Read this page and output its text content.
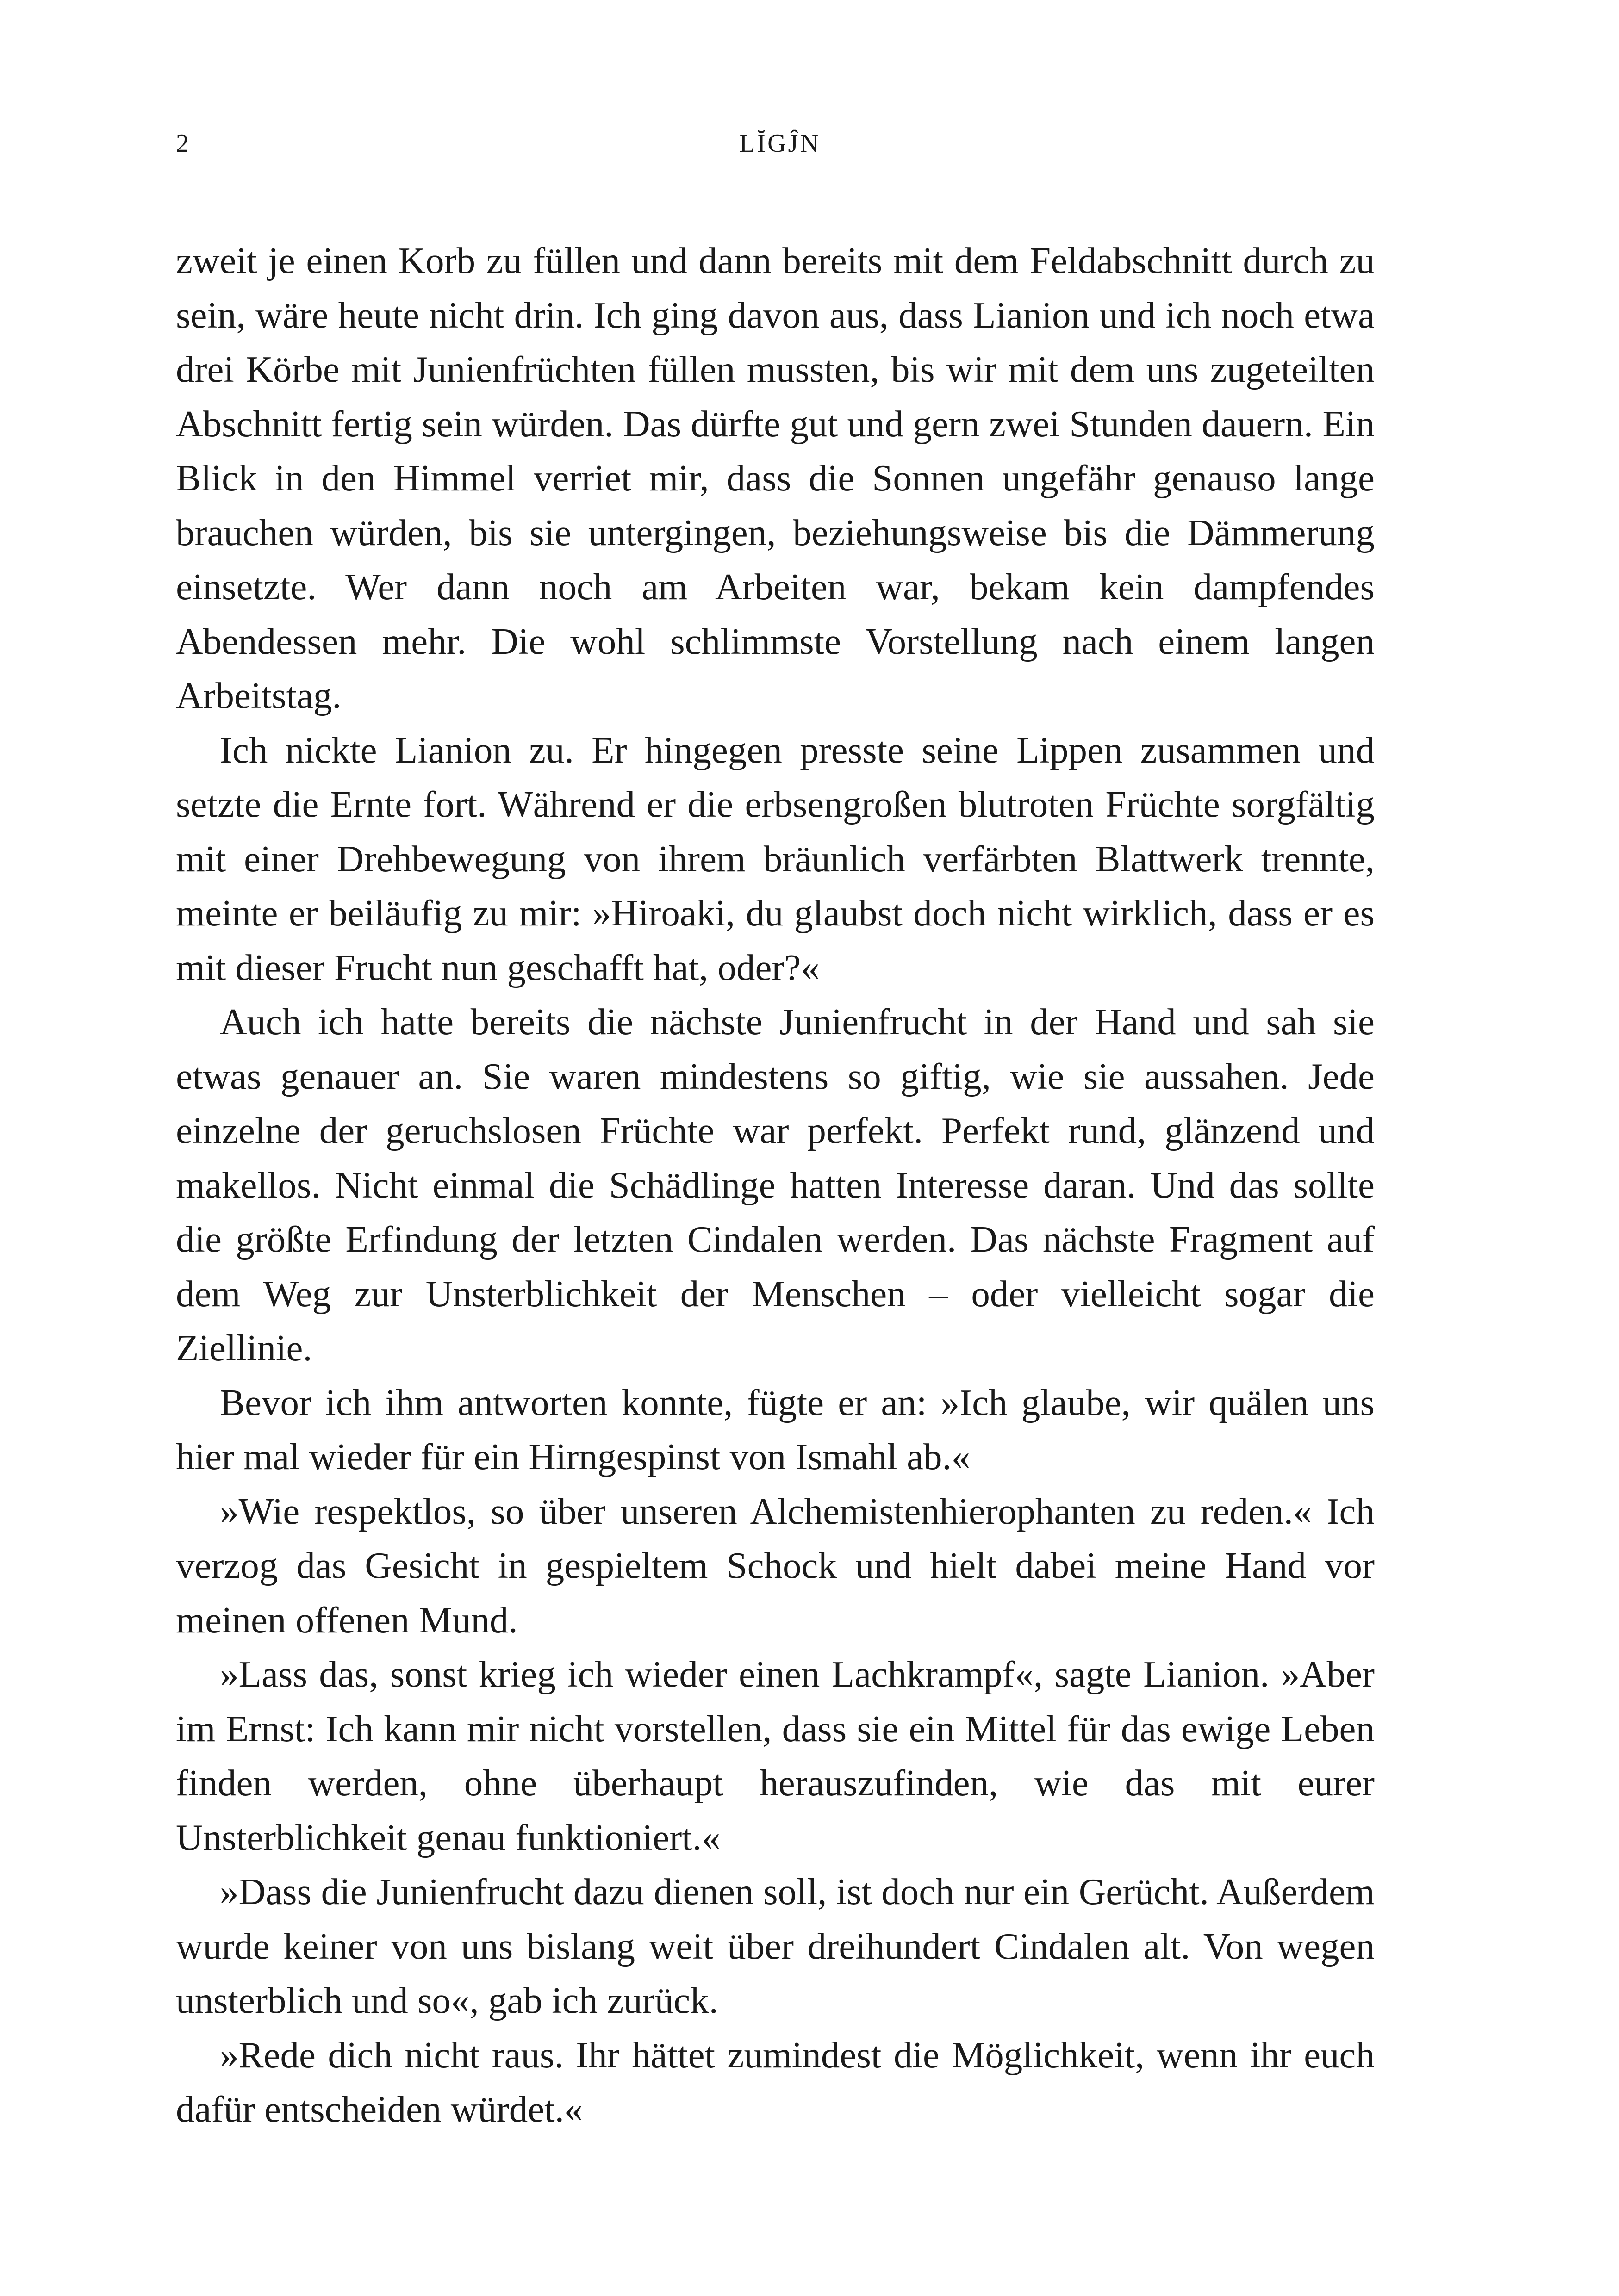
2	LĬGĴN

zweit je einen Korb zu füllen und dann bereits mit dem Feldabschnitt durch zu sein, wäre heute nicht drin. Ich ging davon aus, dass Lianion und ich noch etwa drei Körbe mit Junienfrüchten füllen mussten, bis wir mit dem uns zugeteilten Abschnitt fertig sein würden. Das dürfte gut und gern zwei Stunden dauern. Ein Blick in den Himmel verriet mir, dass die Sonnen ungefähr genauso lange brauchen würden, bis sie untergingen, beziehungsweise bis die Dämmerung einsetzte. Wer dann noch am Arbeiten war, bekam kein dampfendes Abendessen mehr. Die wohl schlimmste Vorstellung nach einem langen Arbeitstag.

Ich nickte Lianion zu. Er hingegen presste seine Lippen zusammen und setzte die Ernte fort. Während er die erbsengroßen blutroten Früchte sorgfältig mit einer Drehbewegung von ihrem bräunlich verfärbten Blattwerk trennte, meinte er beiläufig zu mir: »Hiroaki, du glaubst doch nicht wirklich, dass er es mit dieser Frucht nun geschafft hat, oder?«

Auch ich hatte bereits die nächste Junienfrucht in der Hand und sah sie etwas genauer an. Sie waren mindestens so giftig, wie sie aussahen. Jede einzelne der geruchslosen Früchte war perfekt. Perfekt rund, glänzend und makellos. Nicht einmal die Schädlinge hatten Interesse daran. Und das sollte die größte Erfindung der letzten Cindalen werden. Das nächste Fragment auf dem Weg zur Unsterblichkeit der Menschen – oder vielleicht sogar die Ziellinie.

Bevor ich ihm antworten konnte, fügte er an: »Ich glaube, wir quälen uns hier mal wieder für ein Hirngespinst von Ismahl ab.«

»Wie respektlos, so über unseren Alchemistenhierophanten zu reden.« Ich verzog das Gesicht in gespieltem Schock und hielt dabei meine Hand vor meinen offenen Mund.

»Lass das, sonst krieg ich wieder einen Lachkrampf«, sagte Lianion. »Aber im Ernst: Ich kann mir nicht vorstellen, dass sie ein Mittel für das ewige Leben finden werden, ohne überhaupt herauszufinden, wie das mit eurer Unsterblichkeit genau funktioniert.«

»Dass die Junienfrucht dazu dienen soll, ist doch nur ein Gerücht. Außerdem wurde keiner von uns bislang weit über dreihundert Cindalen alt. Von wegen unsterblich und so«, gab ich zurück.

»Rede dich nicht raus. Ihr hättet zumindest die Möglichkeit, wenn ihr euch dafür entscheiden würdet.«
